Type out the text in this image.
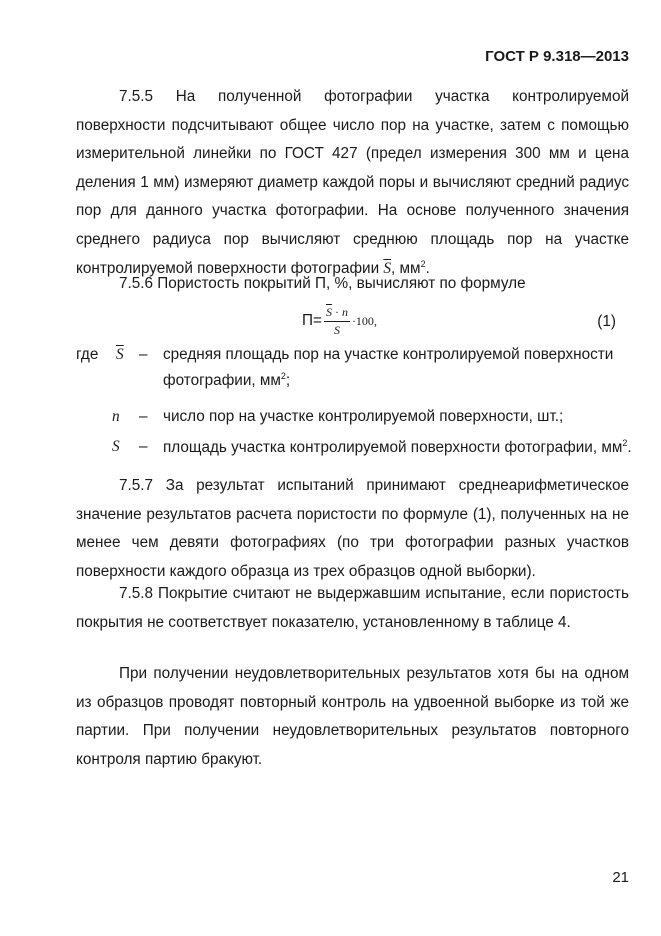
ГОСТ Р 9.318—2013

7.5.5 На полученной фотографии участка контролируемой поверхности подсчитывают общее число пор на участке, затем с помощью измерительной линейки по ГОСТ 427 (предел измерения 300 мм и цена деления 1 мм) измеряют диаметр каждой поры и вычисляют средний радиус пор для данного участка фотографии. На основе полученного значения среднего радиуса пор вычисляют среднюю площадь пор на участке контролируемой поверхности фотографии $\overline{S}$, $мм^2$.

7.5.6 Пористость покрытий П, %, вычисляют по формуле

$П= \frac{\overline{S} \cdot n}{S} \cdot 100$ ,	(1)
где $\overline{S}$ – средняя площадь пор на участке контролируемой поверхности фотографии, $мм^2$;
n – число пор на участке контролируемой поверхности, шт.;
S – площадь участка контролируемой поверхности фотографии, $мм^2$.

7.5.7 За результат испытаний принимают среднеарифметическое значение результатов расчета пористости по формуле (1), полученных на не менее чем девяти фотографиях (по три фотографии разных участков поверхности каждого образца из трех образцов одной выборки).

7.5.8 Покрытие считают не выдержавшим испытание, если пористость покрытия не соответствует показателю, установленному в таблице 4.

При получении неудовлетворительных результатов хотя бы на одном из образцов проводят повторный контроль на удвоенной выборке из той же партии. При получении неудовлетворительных результатов повторного контроля партию бракуют.

21
